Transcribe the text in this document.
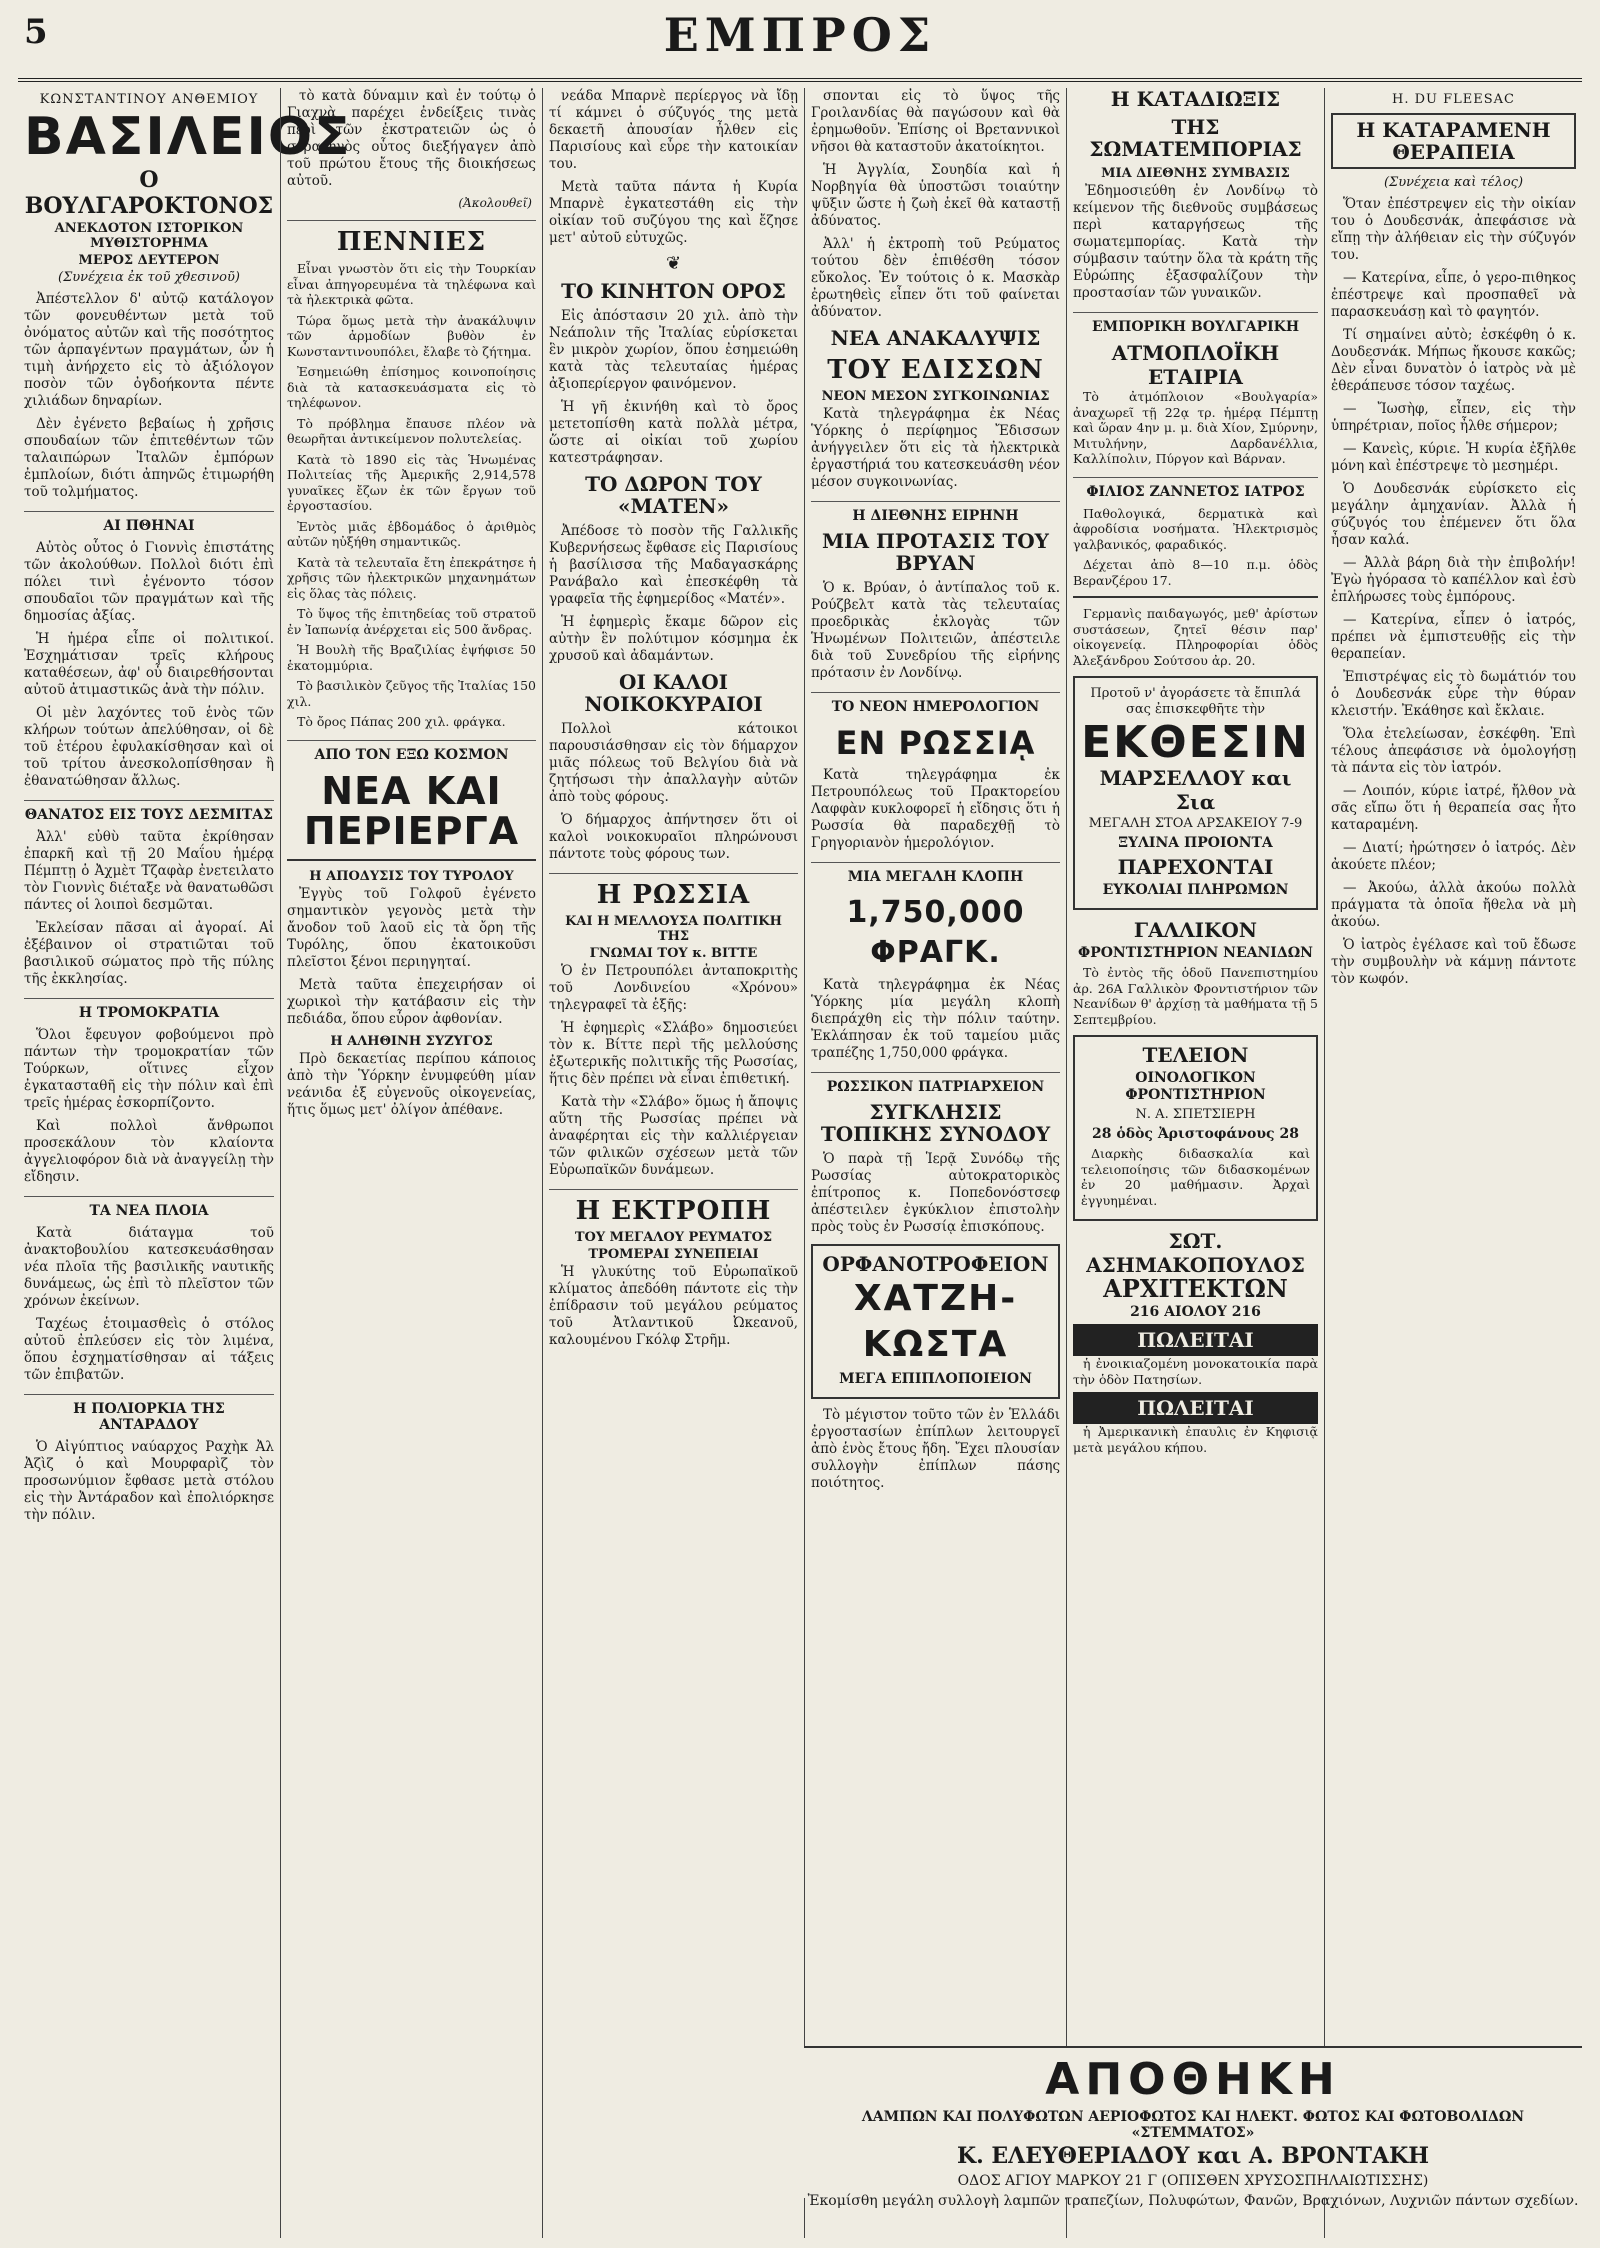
5	ΕΜΠΡΟΣ
ΚΩΝΣΤΑΝΤΙΝΟΥ ΑΝΘΕΜΙΟΥ
ΒΑΣΙΛΕΙΟΣ
Ο ΒΟΥΛΓΑΡΟΚΤΟΝΟΣ
ΑΝΕΚΔΟΤΟΝ ΙΣΤΟΡΙΚΟΝ ΜΥΘΙΣΤΟΡΗΜΑ
ΜΕΡΟΣ ΔΕΥΤΕΡΟΝ
(Συνέχεια ἐκ τοῦ χθεσινοῦ)

Ἀπέστελλον δ' αὐτῷ κατάλογον τῶν φονευθέντων μετὰ τοῦ ὀνόματος αὐτῶν καὶ τῆς ποσότητος τῶν ἁρπαγέντων πραγμάτων, ὧν ἡ τιμὴ ἀνήρχετο εἰς τὸ ἀξιόλογον ποσὸν τῶν ὀγδοήκοντα πέντε χιλιάδων δηναρίων.

Δὲν ἐγένετο βεβαίως ἡ χρῆσις σπουδαίων τῶν ἐπιτεθέντων τῶν ταλαιπώρων Ἰταλῶν ἐμπόρων ἐμπλοίων, διότι ἀπηνῶς ἐτιμωρήθη τοῦ τολμήματος.

ΑΙ ΠΘΗΝΑΙ

Αὐτὸς οὗτος ὁ Γιοννὶς ἐπιστάτης τῶν ἀκολούθων. Πολλοὶ διότι ἐπὶ πόλει τινὶ ἐγένοντο τόσον σπουδαῖοι τῶν πραγμάτων καὶ τῆς δημοσίας ἀξίας.

Ἡ ἡμέρα εἶπε οἱ πολιτικοί. Ἐσχημάτισαν τρεῖς κλήρους καταθέσεων, ἀφ' οὗ διαιρεθήσονται αὐτοῦ ἀτιμαστικῶς ἀνὰ τὴν πόλιν.

Οἱ μὲν λαχόντες τοῦ ἑνὸς τῶν κλήρων τούτων ἀπελύθησαν, οἱ δὲ τοῦ ἑτέρου ἐφυλακίσθησαν καὶ οἱ τοῦ τρίτου ἀνεσκολοπίσθησαν ἢ ἐθανατώθησαν ἄλλως.

ΘΑΝΑΤΟΣ ΕΙΣ ΤΟΥΣ ΔΕΣΜΙΤΑΣ

Ἀλλ' εὐθὺ ταῦτα ἐκρίθησαν ἐπαρκῆ καὶ τῇ 20 Μαΐου ἡμέρᾳ Πέμπτῃ ὁ Ἀχμὲτ Τζαφὰρ ἐνετειλατο τὸν Γιοννὶς διέταξε νὰ θανατωθῶσι πάντες οἱ λοιποὶ δεσμῶται.

Ἐκλείσαν πᾶσαι αἱ ἀγοραί. Αἱ ἐξέβαινον οἱ στρατιῶται τοῦ βασιλικοῦ σώματος πρὸ τῆς πύλης τῆς ἐκκλησίας.

Η ΤΡΟΜΟΚΡΑΤΙΑ

Ὅλοι ἔφευγον φοβούμενοι πρὸ πάντων τὴν τρομοκρατίαν τῶν Τούρκων, οἵτινες εἶχον ἐγκατασταθῆ εἰς τὴν πόλιν καὶ ἐπὶ τρεῖς ἡμέρας ἐσκορπίζοντο.

Καὶ πολλοὶ ἄνθρωποι προσεκάλουν τὸν κλαίοντα ἀγγελιοφόρον διὰ νὰ ἀναγγείλῃ τὴν εἴδησιν.

ΤΑ ΝΕΑ ΠΛΟΙΑ

Κατὰ διάταγμα τοῦ ἀνακτοβουλίου κατεσκευάσθησαν νέα πλοῖα τῆς βασιλικῆς ναυτικῆς δυνάμεως, ὡς ἐπὶ τὸ πλεῖστον τῶν χρόνων ἐκείνων.

Ταχέως ἑτοιμασθεὶς ὁ στόλος αὐτοῦ ἐπλεύσεν εἰς τὸν λιμένα, ὅπου ἐσχηματίσθησαν αἱ τάξεις τῶν ἐπιβατῶν.

Η ΠΟΛΙΟΡΚΙΑ ΤΗΣ ΑΝΤΑΡΑΔΟΥ

Ὁ Αἰγύπτιος ναύαρχος Ραχὴκ Ἀλ Ἀζὶζ ὁ καὶ Μουρφαρὶζ τὸν προσωνύμιον ἔφθασε μετὰ στόλου εἰς τὴν Ἀντάραδον καὶ ἐπολιόρκησε τὴν πόλιν.

τὸ κατὰ δύναμιν καὶ ἐν τούτῳ ὁ Γιαχνὰ παρέχει ἐνδείξεις τινὰς περὶ τῶν ἐκστρατειῶν ὡς ὁ στρατηγὸς οὗτος διεξήγαγεν ἀπὸ τοῦ πρώτου ἔτους τῆς διοικήσεως αὐτοῦ.

(Ἀκολουθεῖ)
ΠΕΝΝΙΕΣ

Εἶναι γνωστὸν ὅτι εἰς τὴν Τουρκίαν εἶναι ἀπηγορευμένα τὰ τηλέφωνα καὶ τὰ ἠλεκτρικὰ φῶτα.

Τώρα ὅμως μετὰ τὴν ἀνακάλυψιν τῶν ἀρμοδίων βυθὸν ἐν Κωνσταντινουπόλει, ἔλαβε τὸ ζήτημα.

Ἐσημειώθη ἐπίσημος κοινοποίησις διὰ τὰ κατασκευάσματα εἰς τὸ τηλέφωνον.

Τὸ πρόβλημα ἔπαυσε πλέον νὰ θεωρῆται ἀντικείμενον πολυτελείας.

Κατὰ τὸ 1890 εἰς τὰς Ἡνωμένας Πολιτείας τῆς Ἀμερικῆς 2,914,578 γυναῖκες ἔζων ἐκ τῶν ἔργων τοῦ ἐργοστασίου.

Ἐντὸς μιᾶς ἑβδομάδος ὁ ἀριθμὸς αὐτῶν ηὐξήθη σημαντικῶς.

Κατὰ τὰ τελευταῖα ἔτη ἐπεκράτησε ἡ χρῆσις τῶν ἠλεκτρικῶν μηχανημάτων εἰς ὅλας τὰς πόλεις.

Τὸ ὕψος τῆς ἐπιτηδείας τοῦ στρατοῦ ἐν Ἰαπωνίᾳ ἀνέρχεται εἰς 500 ἄνδρας.

Ἡ Βουλὴ τῆς Βραζιλίας ἐψήφισε 50 ἑκατομμύρια.

Τὸ βασιλικὸν ζεῦγος τῆς Ἰταλίας 150 χιλ.

Τὸ ὄρος Πάπας 200 χιλ. φράγκα.

ΑΠΟ ΤΟΝ ΕΞΩ ΚΟΣΜΟΝ
ΝΕΑ ΚΑΙ ΠΕΡΙΕΡΓΑ
Η ΑΠΟΔΥΣΙΣ ΤΟΥ ΤΥΡΟΛΟΥ

Ἐγγὺς τοῦ Γολφοῦ ἐγένετο σημαντικὸν γεγονὸς μετὰ τὴν ἄνοδον τοῦ λαοῦ εἰς τὰ ὄρη τῆς Τυρόλης, ὅπου ἐκατοικοῦσι πλεῖστοι ξένοι περιηγηταί.

Μετὰ ταῦτα ἐπεχειρήσαν οἱ χωρικοὶ τὴν κατάβασιν εἰς τὴν πεδιάδα, ὅπου εὗρον ἀφθονίαν.

Η ΑΛΗΘΙΝΗ ΣΥΖΥΓΟΣ

Πρὸ δεκαετίας περίπου κάποιος ἀπὸ τὴν Ὑόρκην ἐνυμφεύθη μίαν νεάνιδα ἐξ εὐγενοῦς οἰκογενείας, ἥτις ὅμως μετ' ὀλίγον ἀπέθανε.

νεάδα Μπαρνὲ περίεργος νὰ ἴδῃ τί κάμνει ὁ σύζυγός της μετὰ δεκαετῆ ἀπουσίαν ἦλθεν εἰς Παρισίους καὶ εὗρε τὴν κατοικίαν του.

Μετὰ ταῦτα πάντα ἡ Κυρία Μπαρνὲ ἐγκατεστάθη εἰς τὴν οἰκίαν τοῦ συζύγου της καὶ ἔζησε μετ' αὐτοῦ εὐτυχῶς.

❦
ΤΟ ΚΙΝΗΤΟΝ ΟΡΟΣ

Εἰς ἀπόστασιν 20 χιλ. ἀπὸ τὴν Νεάπολιν τῆς Ἰταλίας εὑρίσκεται ἓν μικρὸν χωρίον, ὅπου ἐσημειώθη κατὰ τὰς τελευταίας ἡμέρας ἀξιοπερίεργον φαινόμενον.

Ἡ γῆ ἐκινήθη καὶ τὸ ὄρος μετετοπίσθη κατὰ πολλὰ μέτρα, ὥστε αἱ οἰκίαι τοῦ χωρίου κατεστράφησαν.

ΤΟ ΔΩΡΟΝ ΤΟΥ «ΜΑΤΕΝ»

Ἀπέδοσε τὸ ποσὸν τῆς Γαλλικῆς Κυβερνήσεως ἔφθασε εἰς Παρισίους ἡ βασίλισσα τῆς Μαδαγασκάρης Ρανάβαλο καὶ ἐπεσκέφθη τὰ γραφεῖα τῆς ἐφημερίδος «Ματέν».

Ἡ ἐφημερὶς ἔκαμε δῶρον εἰς αὐτὴν ἓν πολύτιμον κόσμημα ἐκ χρυσοῦ καὶ ἀδαμάντων.

ΟΙ ΚΑΛΟΙ ΝΟΙΚΟΚΥΡΑΙΟΙ

Πολλοὶ κάτοικοι παρουσιάσθησαν εἰς τὸν δήμαρχον μιᾶς πόλεως τοῦ Βελγίου διὰ νὰ ζητήσωσι τὴν ἀπαλλαγὴν αὐτῶν ἀπὸ τοὺς φόρους.

Ὁ δήμαρχος ἀπήντησεν ὅτι οἱ καλοὶ νοικοκυραῖοι πληρώνουσι πάντοτε τοὺς φόρους των.

Η ΡΩΣΣΙΑ
ΚΑΙ Η ΜΕΛΛΟΥΣΑ ΠΟΛΙΤΙΚΗ ΤΗΣ
ΓΝΩΜΑΙ ΤΟΥ κ. ΒΙΤΤΕ

Ὁ ἐν Πετρουπόλει ἀνταποκριτὴς τοῦ Λονδινείου «Χρόνου» τηλεγραφεῖ τὰ ἑξῆς:

Ἡ ἐφημερὶς «Σλάβο» δημοσιεύει τὸν κ. Βίττε περὶ τῆς μελλούσης ἐξωτερικῆς πολιτικῆς τῆς Ρωσσίας, ἥτις δὲν πρέπει νὰ εἶναι ἐπιθετική.

Κατὰ τὴν «Σλάβο» ὅμως ἡ ἄποψις αὕτη τῆς Ρωσσίας πρέπει νὰ ἀναφέρηται εἰς τὴν καλλιέργειαν τῶν φιλικῶν σχέσεων μετὰ τῶν Εὐρωπαϊκῶν δυνάμεων.

Η ΕΚΤΡΟΠΗ
ΤΟΥ ΜΕΓΑΛΟΥ ΡΕΥΜΑΤΟΣ
ΤΡΟΜΕΡΑΙ ΣΥΝΕΠΕΙΑΙ

Ἡ γλυκύτης τοῦ Εὐρωπαϊκοῦ κλίματος ἀπεδόθη πάντοτε εἰς τὴν ἐπίδρασιν τοῦ μεγάλου ρεύματος τοῦ Ἀτλαντικοῦ Ὠκεανοῦ, καλουμένου Γκόλφ Στρῆμ.

σπονται εἰς τὸ ὕψος τῆς Γροιλανδίας θὰ παγώσουν καὶ θὰ ἐρημωθοῦν. Ἐπίσης οἱ Βρεταννικοὶ νῆσοι θὰ καταστοῦν ἀκατοίκητοι.

Ἡ Ἀγγλία, Σουηδία καὶ ἡ Νορβηγία θὰ ὑποστῶσι τοιαύτην ψῦξιν ὥστε ἡ ζωὴ ἐκεῖ θὰ καταστῇ ἀδύνατος.

Ἀλλ' ἡ ἐκτροπὴ τοῦ Ρεύματος τούτου δὲν ἐπιθέσθη τόσον εὔκολος. Ἐν τούτοις ὁ κ. Μασκὰρ ἐρωτηθεὶς εἶπεν ὅτι τοῦ φαίνεται ἀδύνατον.

ΝΕΑ ΑΝΑΚΑΛΥΨΙΣ
ΤΟΥ ΕΔΙΣΣΩΝ
ΝΕΟΝ ΜΕΣΟΝ ΣΥΓΚΟΙΝΩΝΙΑΣ

Κατὰ τηλεγράφημα ἐκ Νέας Ὑόρκης ὁ περίφημος Ἔδισσων ἀνήγγειλεν ὅτι εἰς τὰ ἠλεκτρικὰ ἐργαστήριά του κατεσκευάσθη νέον μέσον συγκοινωνίας.

Η ΔΙΕΘΝΗΣ ΕΙΡΗΝΗ
ΜΙΑ ΠΡΟΤΑΣΙΣ ΤΟΥ ΒΡΥΑΝ

Ὁ κ. Βρύαν, ὁ ἀντίπαλος τοῦ κ. Ρούζβελτ κατὰ τὰς τελευταίας προεδρικὰς ἐκλογὰς τῶν Ἡνωμένων Πολιτειῶν, ἀπέστειλε διὰ τοῦ Συνεδρίου τῆς εἰρήνης πρότασιν ἐν Λονδίνῳ.

ΤΟ ΝΕΟΝ ΗΜΕΡΟΛΟΓΙΟΝ
ΕΝ ΡΩΣΣΙᾼ

Κατὰ τηλεγράφημα ἐκ Πετρουπόλεως τοῦ Πρακτορείου Λαφφὰν κυκλοφορεῖ ἡ εἴδησις ὅτι ἡ Ρωσσία θὰ παραδεχθῇ τὸ Γρηγοριανὸν ἡμερολόγιον.

ΜΙΑ ΜΕΓΑΛΗ ΚΛΟΠΗ
1,750,000 ΦΡΑΓΚ.

Κατὰ τηλεγράφημα ἐκ Νέας Ὑόρκης μία μεγάλη κλοπὴ διεπράχθη εἰς τὴν πόλιν ταύτην. Ἐκλάπησαν ἐκ τοῦ ταμείου μιᾶς τραπέζης 1,750,000 φράγκα.

ΡΩΣΣΙΚΟΝ ΠΑΤΡΙΑΡΧΕΙΟΝ
ΣΥΓΚΛΗΣΙΣ ΤΟΠΙΚΗΣ ΣΥΝΟΔΟΥ

Ὁ παρὰ τῇ Ἱερᾷ Συνόδῳ τῆς Ρωσσίας αὐτοκρατορικὸς ἐπίτροπος κ. Ποπεδονόστσεφ ἀπέστειλεν ἐγκύκλιον ἐπιστολὴν πρὸς τοὺς ἐν Ρωσσίᾳ ἐπισκόπους.

ΟΡΦΑΝΟΤΡΟΦΕΙΟΝ
ΧΑΤΖΗ-ΚΩΣΤΑ
ΜΕΓΑ ΕΠΙΠΛΟΠΟΙΕΙΟΝ

Τὸ μέγιστον τοῦτο τῶν ἐν Ἑλλάδι ἐργοστασίων ἐπίπλων λειτουργεῖ ἀπὸ ἑνὸς ἔτους ἤδη. Ἔχει πλουσίαν συλλογὴν ἐπίπλων πάσης ποιότητος.

Η ΚΑΤΑΔΙΩΞΙΣ
ΤΗΣ ΣΩΜΑΤΕΜΠΟΡΙΑΣ
ΜΙΑ ΔΙΕΘΝΗΣ ΣΥΜΒΑΣΙΣ

Ἐδημοσιεύθη ἐν Λονδίνῳ τὸ κείμενον τῆς διεθνοῦς συμβάσεως περὶ καταργήσεως τῆς σωματεμπορίας. Κατὰ τὴν σύμβασιν ταύτην ὅλα τὰ κράτη τῆς Εὐρώπης ἐξασφαλίζουν τὴν προστασίαν τῶν γυναικῶν.

ΕΜΠΟΡΙΚΗ ΒΟΥΛΓΑΡΙΚΗ
ΑΤΜΟΠΛΟΪΚΗ ΕΤΑΙΡΙΑ

Τὸ ἀτμόπλοιον «Βουλγαρία» ἀναχωρεῖ τῇ 22ᾳ τρ. ἡμέρᾳ Πέμπτῃ καὶ ὥραν 4ην μ. μ. διὰ Χίον, Σμύρνην, Μιτυλήνην, Δαρδανέλλια, Καλλίπολιν, Πύργον καὶ Βάρναν.

ΦΙΛΙΟΣ ΖΑΝΝΕΤΟΣ ΙΑΤΡΟΣ

Παθολογικά, δερματικὰ καὶ ἀφροδίσια νοσήματα. Ἠλεκτρισμὸς γαλβανικός, φαραδικός.

Δέχεται ἀπὸ 8—10 π.μ. ὁδὸς Βερανζέρου 17.

Γερμανὶς παιδαγωγός, μεθ' ἀρίστων συστάσεων, ζητεῖ θέσιν παρ' οἰκογενείᾳ. Πληροφορίαι ὁδὸς Ἀλεξάνδρου Σούτσου ἀρ. 20.

Προτοῦ ν' ἀγοράσετε τὰ ἔπιπλά σας ἐπισκεφθῆτε τὴν
ΕΚΘΕΣΙΝ
ΜΑΡΣΕΛΛΟΥ και Σια
ΜΕΓΑΛΗ ΣΤΟΑ ΑΡΣΑΚΕΙΟΥ 7-9
ΞΥΛΙΝΑ ΠΡΟΙΟΝΤΑ
ΠΑΡΕΧΟΝΤΑΙ
ΕΥΚΟΛΙΑΙ ΠΛΗΡΩΜΩΝ
ΓΑΛΛΙΚΟΝ
ΦΡΟΝΤΙΣΤΗΡΙΟΝ ΝΕΑΝΙΔΩΝ

Τὸ ἐντὸς τῆς ὁδοῦ Πανεπιστημίου ἀρ. 26Α Γαλλικὸν Φροντιστήριον τῶν Νεανίδων θ' ἀρχίσῃ τὰ μαθήματα τῇ 5 Σεπτεμβρίου.

ΤΕΛΕΙΟΝ
ΟΙΝΟΛΟΓΙΚΟΝ ΦΡΟΝΤΙΣΤΗΡΙΟΝ
Ν. Α. ΣΠΕΤΣΙΕΡΗ
28 ὁδὸς Ἀριστοφάνους 28

Διαρκὴς διδασκαλία καὶ τελειοποίησις τῶν διδασκομένων ἐν 20 μαθήμασιν. Ἀρχαὶ ἐγγυημέναι.

ΣΩΤ. ΑΣΗΜΑΚΟΠΟΥΛΟΣ
ΑΡΧΙΤΕΚΤΩΝ
216 ΑΙΟΛΟΥ 216
ΠΩΛΕΙΤΑΙ

ἡ ἐνοικιαζομένη μονοκατοικία παρὰ τὴν ὁδὸν Πατησίων.

ΠΩΛΕΙΤΑΙ

ἡ Ἀμερικανικὴ ἐπαυλις ἐν Κηφισιᾷ μετὰ μεγάλου κήπου.

Η. DU FLEESAC
Η ΚΑΤΑΡΑΜΕΝΗ ΘΕΡΑΠΕΙΑ
(Συνέχεια καὶ τέλος)

Ὅταν ἐπέστρεψεν εἰς τὴν οἰκίαν του ὁ Δουδεσνάκ, ἀπεφάσισε νὰ εἴπῃ τὴν ἀλήθειαν εἰς τὴν σύζυγόν του.

— Κατερίνα, εἶπε, ὁ γερο-πιθηκος ἐπέστρεψε καὶ προσπαθεῖ νὰ παρασκευάσῃ καὶ τὸ φαγητόν.

Τί σημαίνει αὐτὸ; ἐσκέφθη ὁ κ. Δουδεσνάκ. Μήπως ἤκουσε κακῶς; Δὲν εἶναι δυνατὸν ὁ ἰατρὸς νὰ μὲ ἐθεράπευσε τόσον ταχέως.

— Ἴωσὴφ, εἶπεν, εἰς τὴν ὑπηρέτριαν, ποῖος ἦλθε σήμερον;

— Κανεὶς, κύριε. Ἡ κυρία ἐξῆλθε μόνη καὶ ἐπέστρεψε τὸ μεσημέρι.

Ὁ Δουδεσνάκ εὑρίσκετο εἰς μεγάλην ἀμηχανίαν. Ἀλλὰ ἡ σύζυγός του ἐπέμενεν ὅτι ὅλα ἦσαν καλά.

— Ἀλλὰ βάρη διὰ τὴν ἐπιβολήν! Ἐγὼ ἠγόρασα τὸ καπέλλον καὶ ἐσὺ ἐπλήρωσες τοὺς ἐμπόρους.

— Κατερίνα, εἶπεν ὁ ἰατρός, πρέπει νὰ ἐμπιστευθῇς εἰς τὴν θεραπείαν.

Ἐπιστρέψας εἰς τὸ δωμάτιόν του ὁ Δουδεσνάκ εὗρε τὴν θύραν κλειστήν. Ἐκάθησε καὶ ἔκλαιε.

Ὅλα ἐτελείωσαν, ἐσκέφθη. Ἐπὶ τέλους ἀπεφάσισε νὰ ὁμολογήσῃ τὰ πάντα εἰς τὸν ἰατρόν.

— Λοιπόν, κύριε ἰατρέ, ἤλθον νὰ σᾶς εἴπω ὅτι ἡ θεραπεία σας ἦτο καταραμένη.

— Διατί; ἠρώτησεν ὁ ἰατρός. Δὲν ἀκούετε πλέον;

— Ἀκούω, ἀλλὰ ἀκούω πολλὰ πράγματα τὰ ὁποῖα ἤθελα νὰ μὴ ἀκούω.

Ὁ ἰατρὸς ἐγέλασε καὶ τοῦ ἔδωσε τὴν συμβουλὴν νὰ κάμνῃ πάντοτε τὸν κωφόν.

ΑΠΟΘΗΚΗ
ΛΑΜΠΩΝ ΚΑΙ ΠΟΛΥΦΩΤΩΝ ΑΕΡΙΟΦΩΤΟΣ ΚΑΙ ΗΛΕΚΤ. ΦΩΤΟΣ ΚΑΙ ΦΩΤΟΒΟΛΙΔΩΝ «ΣΤΕΜΜΑΤΟΣ»
Κ. ΕΛΕΥΘΕΡΙΑΔΟΥ και Α. ΒΡΟΝΤΑΚΗ
ΟΔΟΣ ΑΓΙΟΥ ΜΑΡΚΟΥ 21 Γ (ΟΠΙΣΘΕΝ ΧΡΥΣΟΣΠΗΛΑΙΩΤΙΣΣΗΣ)
Ἐκομίσθη μεγάλη συλλογὴ λαμπῶν τραπεζίων, Πολυφώτων, Φανῶν, Βραχιόνων, Λυχνιῶν πάντων σχεδίων.
